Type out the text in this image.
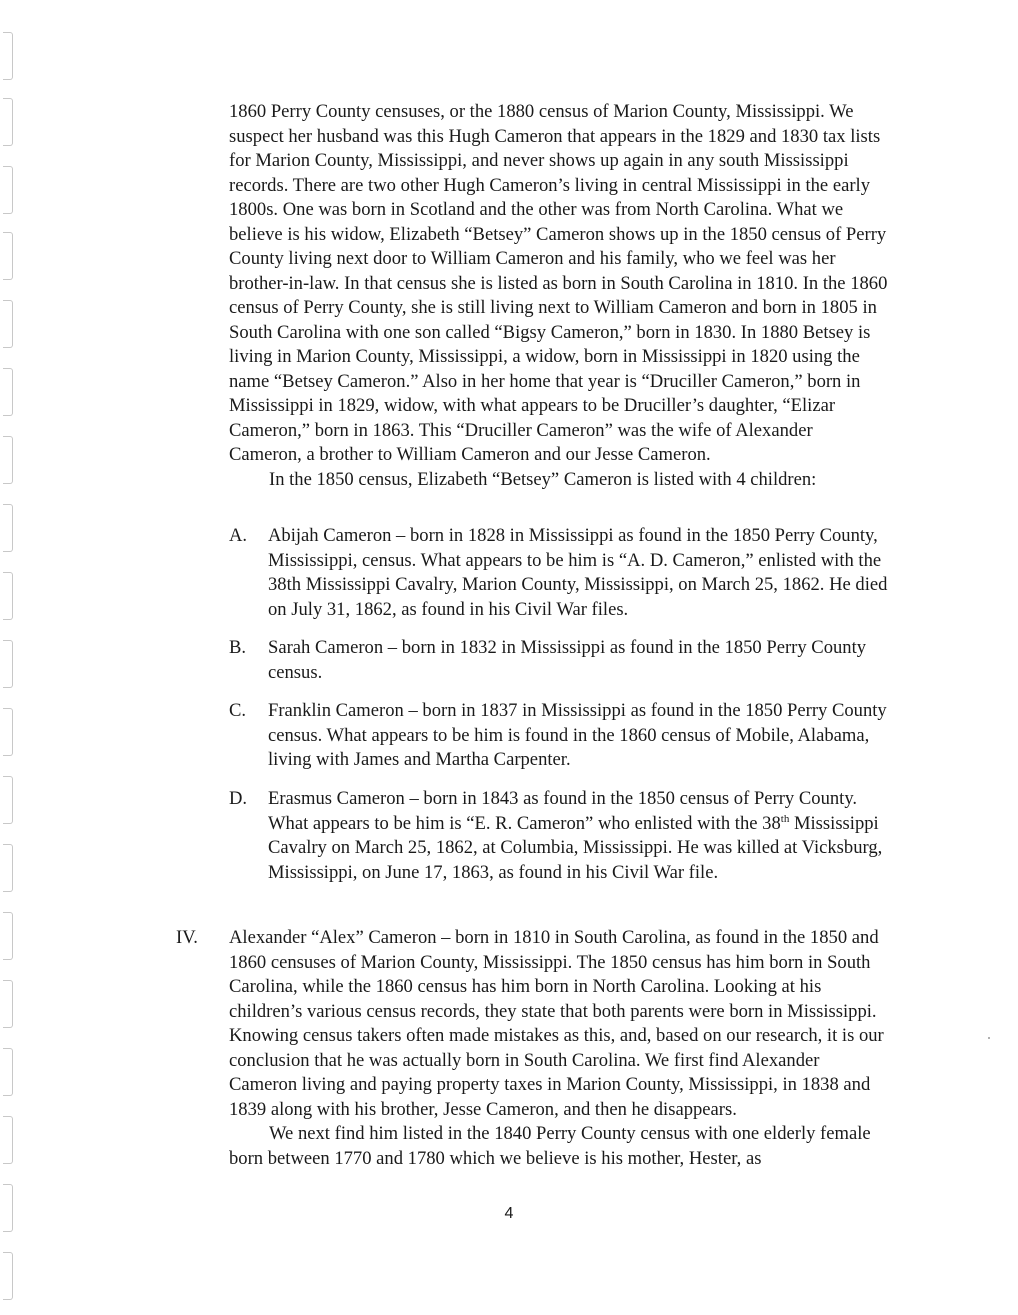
1860 Perry County censuses, or the 1880 census of Marion County, Mississippi. We suspect her husband was this Hugh Cameron that appears in the 1829 and 1830 tax lists for Marion County, Mississippi, and never shows up again in any south Mississippi records. There are two other Hugh Cameron’s living in central Mississippi in the early 1800s. One was born in Scotland and the other was from North Carolina. What we believe is his widow, Elizabeth “Betsey” Cameron shows up in the 1850 census of Perry County living next door to William Cameron and his family, who we feel was her brother-in-law. In that census she is listed as born in South Carolina in 1810. In the 1860 census of Perry County, she is still living next to William Cameron and born in 1805 in South Carolina with one son called “Bigsy Cameron,” born in 1830. In 1880 Betsey is living in Marion County, Mississippi, a widow, born in Mississippi in 1820 using the name “Betsey Cameron.” Also in her home that year is “Druciller Cameron,” born in Mississippi in 1829, widow, with what appears to be Druciller’s daughter, “Elizar Cameron,” born in 1863. This “Druciller Cameron” was the wife of Alexander Cameron, a brother to William Cameron and our Jesse Cameron.

In the 1850 census, Elizabeth “Betsey” Cameron is listed with 4 children:

A. Abijah Cameron – born in 1828 in Mississippi as found in the 1850 Perry County, Mississippi, census. What appears to be him is “A. D. Cameron,” enlisted with the 38th Mississippi Cavalry, Marion County, Mississippi, on March 25, 1862. He died on July 31, 1862, as found in his Civil War files.
B. Sarah Cameron – born in 1832 in Mississippi as found in the 1850 Perry County census.
C. Franklin Cameron – born in 1837 in Mississippi as found in the 1850 Perry County census. What appears to be him is found in the 1860 census of Mobile, Alabama, living with James and Martha Carpenter.
D. Erasmus Cameron – born in 1843 as found in the 1850 census of Perry County. What appears to be him is “E. R. Cameron” who enlisted with the 38th Mississippi Cavalry on March 25, 1862, at Columbia, Mississippi. He was killed at Vicksburg, Mississippi, on June 17, 1863, as found in his Civil War file.
IV. Alexander “Alex” Cameron – born in 1810 in South Carolina, as found in the 1850 and 1860 censuses of Marion County, Mississippi. The 1850 census has him born in South Carolina, while the 1860 census has him born in North Carolina. Looking at his children’s various census records, they state that both parents were born in Mississippi. Knowing census takers often made mistakes as this, and, based on our research, it is our conclusion that he was actually born in South Carolina. We first find Alexander Cameron living and paying property taxes in Marion County, Mississippi, in 1838 and 1839 along with his brother, Jesse Cameron, and then he disappears.

We next find him listed in the 1840 Perry County census with one elderly female born between 1770 and 1780 which we believe is his mother, Hester, as

4
